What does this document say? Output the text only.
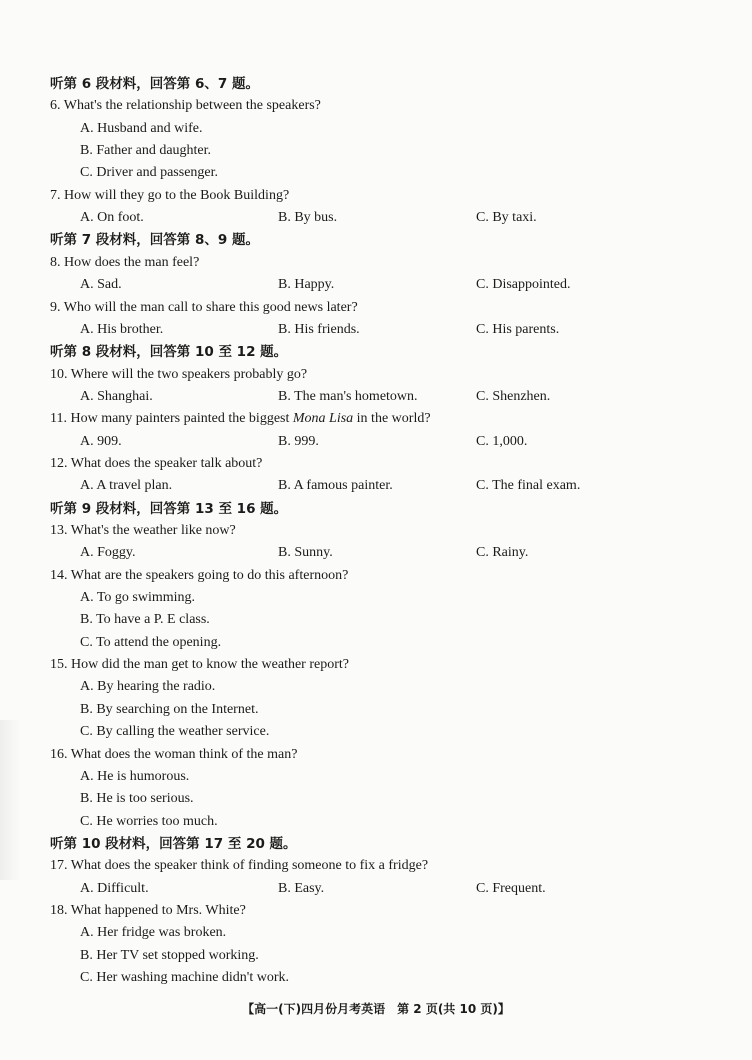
听第 6 段材料，回答第 6、7 题。
6. What's the relationship between the speakers?
A. Husband and wife.
B. Father and daughter.
C. Driver and passenger.
7. How will they go to the Book Building?
A. On foot.	B. By bus.	C. By taxi.
听第 7 段材料，回答第 8、9 题。
8. How does the man feel?
A. Sad.	B. Happy.	C. Disappointed.
9. Who will the man call to share this good news later?
A. His brother.	B. His friends.	C. His parents.
听第 8 段材料，回答第 10 至 12 题。
10. Where will the two speakers probably go?
A. Shanghai.	B. The man's hometown.	C. Shenzhen.
11. How many painters painted the biggest Mona Lisa in the world?
A. 909.	B. 999.	C. 1,000.
12. What does the speaker talk about?
A. A travel plan.	B. A famous painter.	C. The final exam.
听第 9 段材料，回答第 13 至 16 题。
13. What's the weather like now?
A. Foggy.	B. Sunny.	C. Rainy.
14. What are the speakers going to do this afternoon?
A. To go swimming.
B. To have a P. E class.
C. To attend the opening.
15. How did the man get to know the weather report?
A. By hearing the radio.
B. By searching on the Internet.
C. By calling the weather service.
16. What does the woman think of the man?
A. He is humorous.
B. He is too serious.
C. He worries too much.
听第 10 段材料，回答第 17 至 20 题。
17. What does the speaker think of finding someone to fix a fridge?
A. Difficult.	B. Easy.	C. Frequent.
18. What happened to Mrs. White?
A. Her fridge was broken.
B. Her TV set stopped working.
C. Her washing machine didn't work.
【高一(下)四月份月考英语　第 2 页(共 10 页)】
